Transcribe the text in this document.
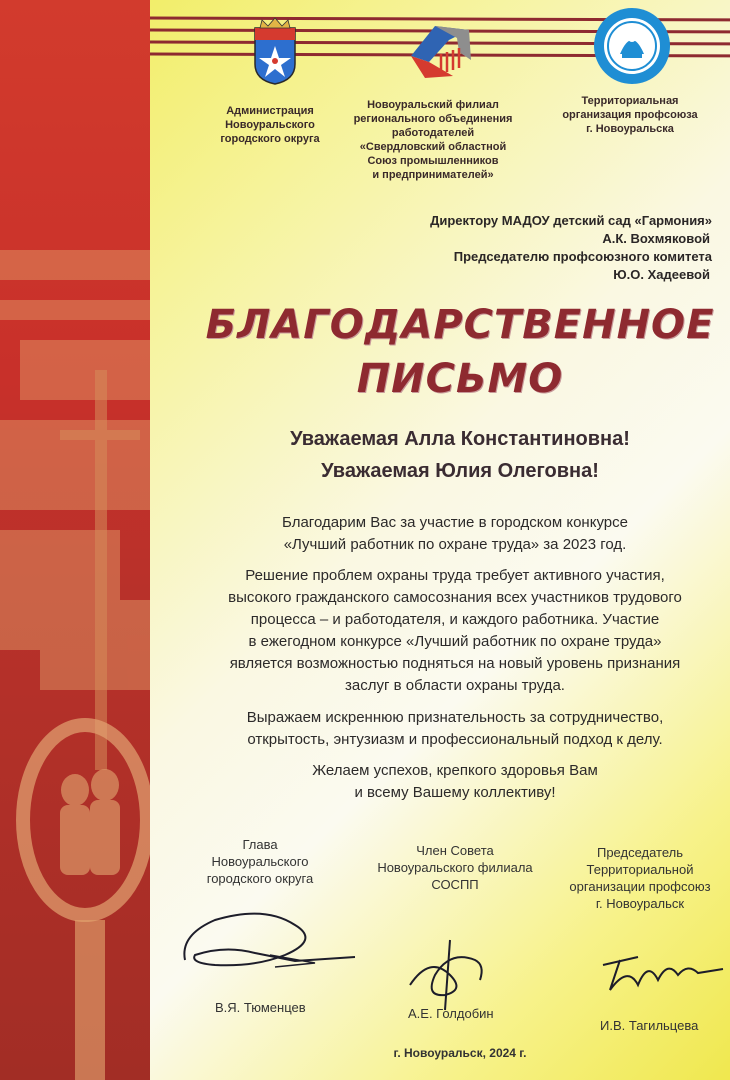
Администрация
Новоуральского
городского округа
Новоуральский филиал
регионального объединения
работодателей
«Свердловский областной
Союз промышленников
и предпринимателей»
Территориальная
организация профсоюза
г. Новоуральска
Директору МАДОУ детский сад «Гармония»
А.К. Вохмяковой
Председателю профсоюзного комитета
Ю.О. Хадеевой
БЛАГОДАРСТВЕННОЕ
ПИСЬМО
Уважаемая Алла Константиновна!
Уважаемая Юлия Олеговна!
Благодарим Вас за участие в городском конкурсе
«Лучший работник по охране труда» за 2023 год.
Решение проблем охраны труда требует активного участия,
высокого гражданского самосознания всех участников трудового
процесса – и работодателя, и каждого работника. Участие
в ежегодном конкурсе «Лучший работник по охране труда»
является возможностью подняться на новый уровень признания
заслуг в области охраны труда.
Выражаем искреннюю признательность за сотрудничество,
открытость, энтузиазм и профессиональный подход к делу.
Желаем успехов, крепкого здоровья Вам
и всему Вашему коллективу!
Глава
Новоуральского
городского округа
Член Совета
Новоуральского филиала
СОСПП
Председатель
Территориальной
организации профсоюз
г. Новоуральск
В.Я. Тюменцев	А.Е. Голдобин
И.В. Тагильцева
г. Новоуральск, 2024 г.
